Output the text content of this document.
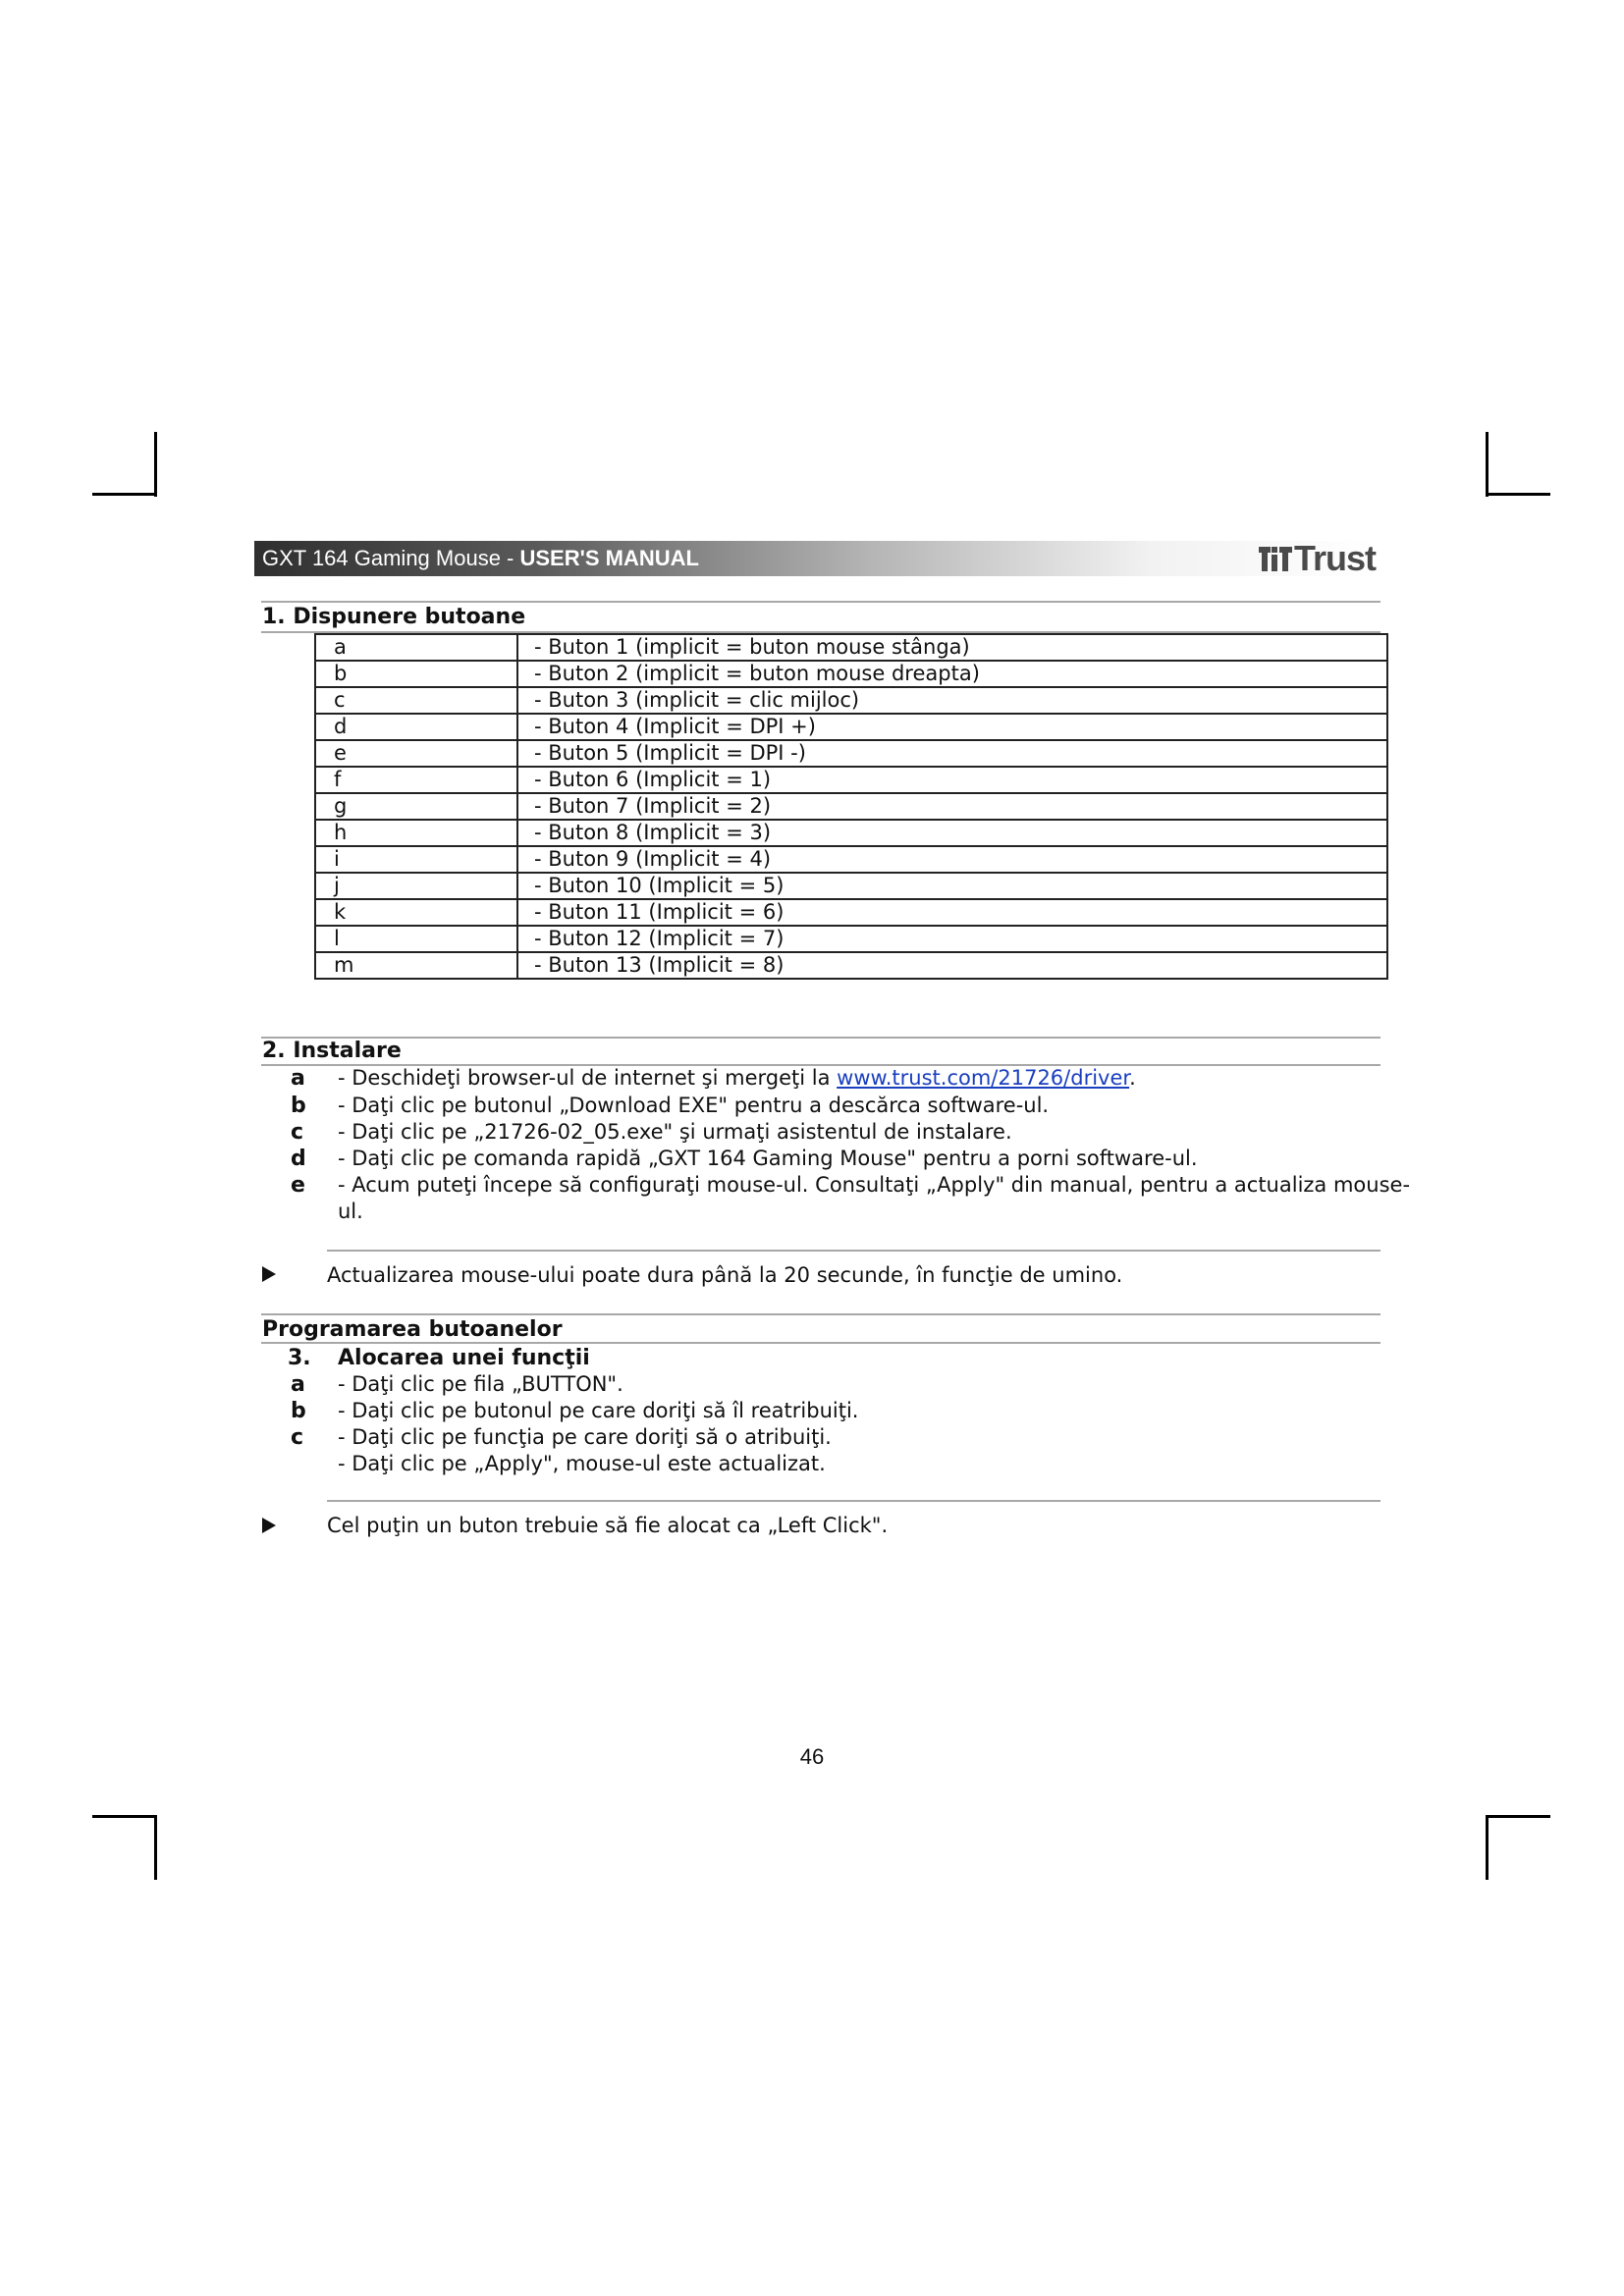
GXT 164 Gaming Mouse - USER'S MANUAL	Trust
1. Dispunere butoane
a	- Buton 1 (implicit = buton mouse stânga)
b	- Buton 2 (implicit = buton mouse dreapta)
c	- Buton 3 (implicit = clic mijloc)
d	- Buton 4 (Implicit = DPI +)
e	- Buton 5 (Implicit = DPI -)
f	- Buton 6 (Implicit = 1)
g	- Buton 7 (Implicit = 2)
h	- Buton 8 (Implicit = 3)
i	- Buton 9 (Implicit = 4)
j	- Buton 10 (Implicit = 5)
k	- Buton 11 (Implicit = 6)
l	- Buton 12 (Implicit = 7)
m	- Buton 13 (Implicit = 8)
2. Instalare
a - Deschideţi browser-ul de internet şi mergeţi la www.trust.com/21726/driver.
b - Daţi clic pe butonul „Download EXE" pentru a descărca software-ul.
c	- Daţi clic pe „21726-02_05.exe" şi urmaţi asistentul de instalare.
d - Daţi clic pe comanda rapidă „GXT 164 Gaming Mouse" pentru a porni software-ul.
e - Acum puteţi începe să configuraţi mouse-ul. Consultaţi „Apply" din manual, pentru a actualiza mouse-
ul.
Actualizarea mouse-ului poate dura până la 20 secunde, în funcţie de umino.
Programarea butoanelor
3.	Alocarea unei funcţii
a - Daţi clic pe fila „BUTTON".
b - Daţi clic pe butonul pe care doriţi să îl reatribuiţi.
c	- Daţi clic pe funcţia pe care doriţi să o atribuiţi.
- Daţi clic pe „Apply", mouse-ul este actualizat.
Cel puţin un buton trebuie să fie alocat ca „Left Click".
46
